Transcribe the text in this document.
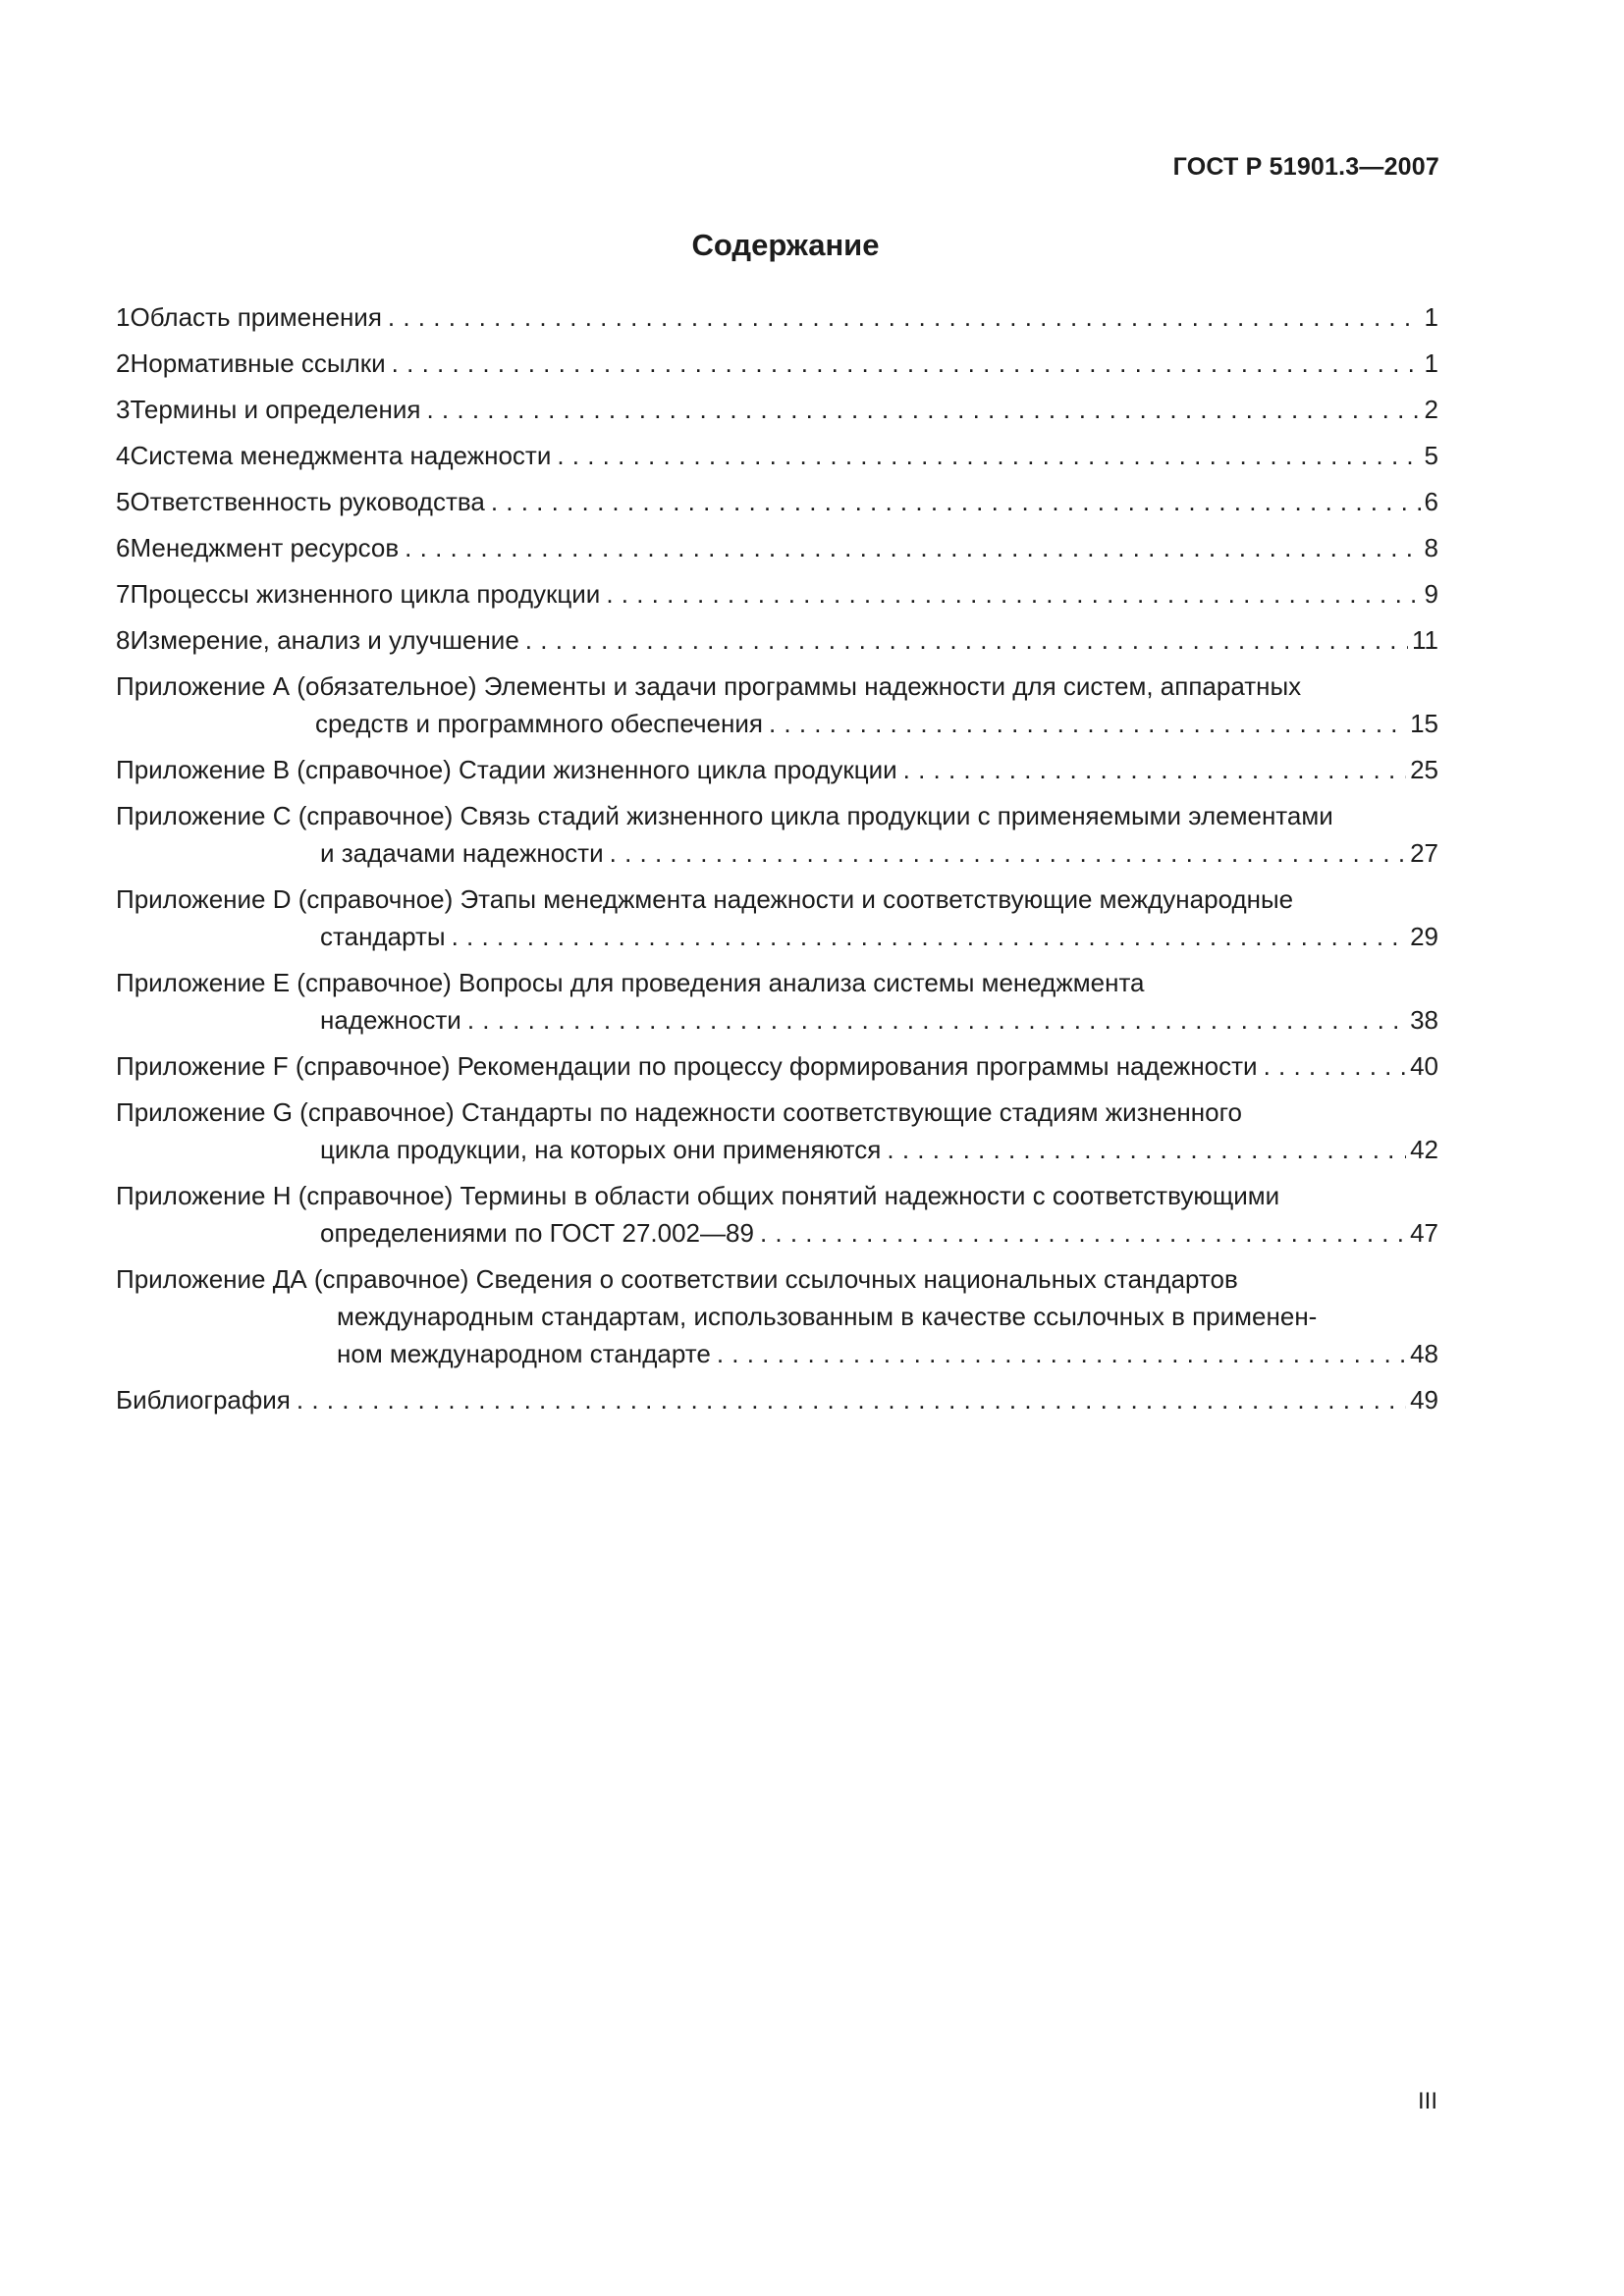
ГОСТ Р 51901.3—2007
Содержание
1 Область применения . . .	1
2 Нормативные ссылки . . .	1
3 Термины и определения . . .	2
4 Система менеджмента надежности . . .	5
5 Ответственность руководства . . .	6
6 Менеджмент ресурсов . . .	8
7 Процессы жизненного цикла продукции . . .	9
8 Измерение, анализ и улучшение . . .	11
Приложение А (обязательное) Элементы и задачи программы надежности для систем, аппаратных
средств и программного обеспечения . . .	15
Приложение В (справочное) Стадии жизненного цикла продукции . . .	25
Приложение С (справочное) Связь стадий жизненного цикла продукции с применяемыми элементами
и задачами надежности . . .	27
Приложение D (справочное) Этапы менеджмента надежности и соответствующие международные
стандарты . . .	29
Приложение Е (справочное) Вопросы для проведения анализа системы менеджмента
надежности . . .	38
Приложение F (справочное) Рекомендации по процессу формирования программы надежности . . .	40
Приложение G (справочное) Стандарты по надежности соответствующие стадиям жизненного
цикла продукции, на которых они применяются . . .	42
Приложение Н (справочное) Термины в области общих понятий надежности с соответствующими
определениями по ГОСТ 27.002—89 . . .	47
Приложение ДА (справочное) Сведения о соответствии ссылочных национальных стандартов
международным стандартам, использованным в качестве ссылочных в применен-
ном международном стандарте . . .	48
Библиография . . .	49
III
